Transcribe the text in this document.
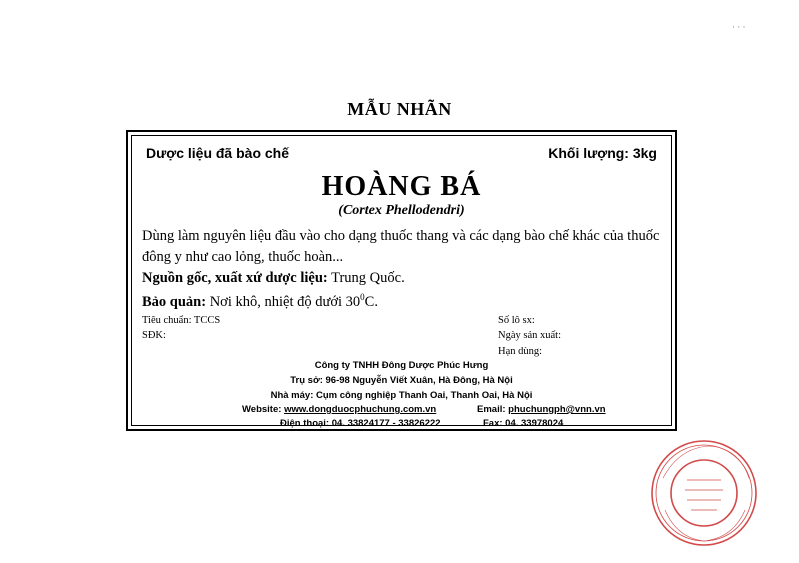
MẪU NHÃN
Dược liệu đã bào chế	Khối lượng: 3kg
HOÀNG BÁ
(Cortex Phellodendri)
Dùng làm nguyên liệu đầu vào cho dạng thuốc thang và các dạng bào chế khác của thuốc đông y như cao lỏng, thuốc hoàn...
Nguồn gốc, xuất xứ dược liệu: Trung Quốc.
Bảo quản: Nơi khô, nhiệt độ dưới $30^0C$.
Tiêu chuẩn: TCCS
SĐK:
Số lô sx:
Ngày sản xuất:
Hạn dùng:
Công ty TNHH Đông Dược Phúc Hưng
Trụ sở: 96-98 Nguyễn Viết Xuân, Hà Đông, Hà Nội
Nhà máy: Cụm công nghiệp Thanh Oai, Thanh Oai, Hà Nội
Website: www.dongduocphuchung.com.vn	Email: phuchungph@vnn.vn
Điện thoại: 04. 33824177 - 33826222	Fax: 04. 33978024
· · ·
